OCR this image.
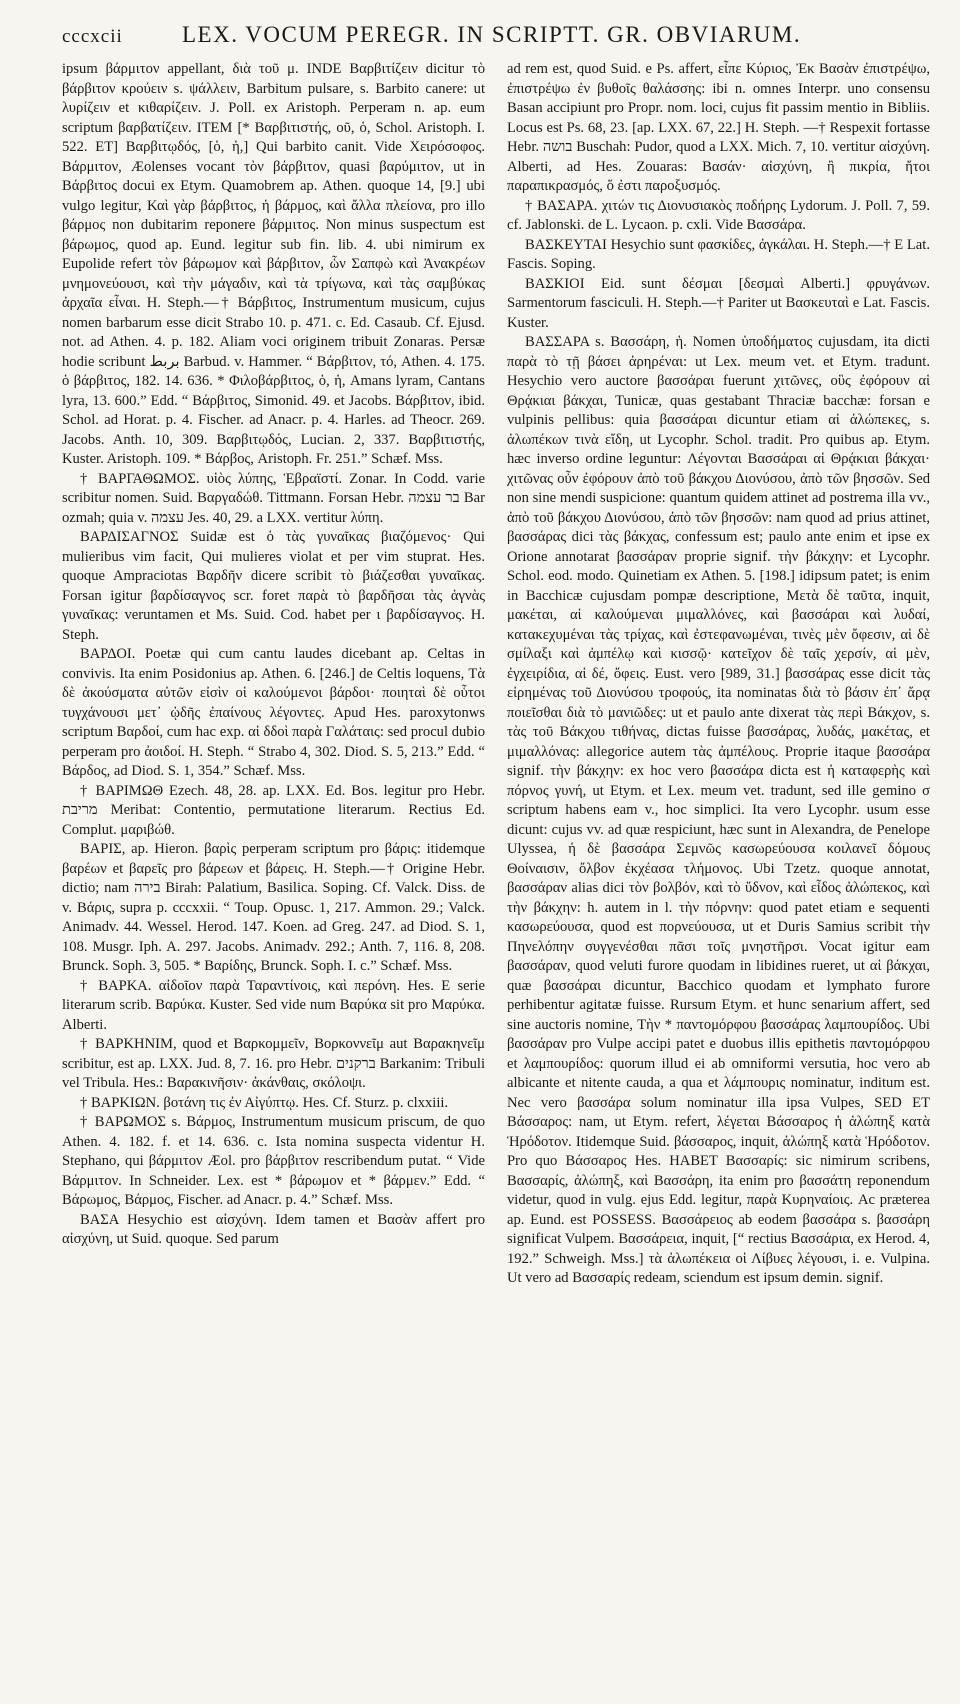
cccxcii	LEX. VOCUM PEREGR. IN SCRIPTT. GR. OBVIARUM.

ipsum βάρμιτον appellant, διὰ τοῦ μ. INDE Βαρβιτίζειν dicitur τὸ βάρβιτον κρούειν s. ψάλλειν, Barbitum pulsare, s. Barbito canere: ut λυρίζειν et κιθαρίζειν. J. Poll. ex Aristoph. Perperam n. ap. eum scriptum βαρβατίζειν. ITEM [* Βαρβιτιστής, οῦ, ὁ, Schol. Aristoph. I. 522. ET] Βαρβιτῳδός, [ὁ, ἡ,] Qui barbito canit. Vide Χειρόσοφος. Βάρμιτον, Æolenses vocant τὸν βάρβιτον, quasi βαρύμιτον, ut in Βάρβιτος docui ex Etym. Quamobrem ap. Athen. quoque 14, [9.] ubi vulgo legitur, Καὶ γὰρ βάρβιτος, ἡ βάρμος, καὶ ἄλλα πλείονα, pro illo βάρμος non dubitarim reponere βάρμιτος. Non minus suspectum est βάρωμος, quod ap. Eund. legitur sub fin. lib. 4. ubi nimirum ex Eupolide refert τὸν βάρωμον καὶ βάρβιτον, ὧν Σαπφὼ καὶ Ἀνακρέων μνημονεύουσι, καὶ τὴν μάγαδιν, καὶ τὰ τρίγωνα, καὶ τὰς σαμβύκας ἀρχαῖα εἶναι. H. Steph.—† Βάρβιτος, Instrumentum musicum, cujus nomen barbarum esse dicit Strabo 10. p. 471. c. Ed. Casaub. Cf. Ejusd. not. ad Athen. 4. p. 182. Aliam voci originem tribuit Zonaras. Persæ hodie scribunt بربط Barbud. v. Hammer. “ Βάρβιτον, τό, Athen. 4. 175. ὁ βάρβιτος, 182. 14. 636. * Φιλοβάρβιτος, ὁ, ἡ, Amans lyram, Cantans lyra, 13. 600.” Edd. “ Βάρβιτος, Simonid. 49. et Jacobs. Βάρβιτον, ibid. Schol. ad Horat. p. 4. Fischer. ad Anacr. p. 4. Harles. ad Theocr. 269. Jacobs. Anth. 10, 309. Βαρβιτῳδός, Lucian. 2, 337. Βαρβιτιστής, Kuster. Aristoph. 109. * Βάρβος, Aristoph. Fr. 251.” Schæf. Mss.

† ΒΑΡΓΑΘΩΜΟΣ. υἱὸς λύπης, Ἑβραϊστί. Zonar. In Codd. varie scribitur nomen. Suid. Βαργαδώθ. Tittmann. Forsan Hebr. בר עצמה Bar ozmah; quia v. עצמה Jes. 40, 29. a LXX. vertitur λύπη.

ΒΑΡΔΙΣΑΓΝΟΣ Suidæ est ὁ τὰς γυναῖκας βιαζόμενος· Qui mulieribus vim facit, Qui mulieres violat et per vim stuprat. Hes. quoque Ampraciotas Βαρδῆν dicere scribit τὸ βιάζεσθαι γυναῖκας. Forsan igitur βαρδίσαγνος scr. foret παρὰ τὸ βαρδῆσαι τὰς ἁγνὰς γυναῖκας: veruntamen et Ms. Suid. Cod. habet per ι βαρδίσαγνος. H. Steph.

ΒΑΡΔΟΙ. Poetæ qui cum cantu laudes dicebant ap. Celtas in convivis. Ita enim Posidonius ap. Athen. 6. [246.] de Celtis loquens, Τὰ δὲ ἀκούσματα αὐτῶν εἰσὶν οἱ καλούμενοι βάρδοι· ποιηταὶ δὲ οὗτοι τυγχάνουσι μετ᾽ ᾠδῆς ἐπαίνους λέγοντες. Apud Hes. paroxytonws scriptum Βαρδοί, cum hac exp. αἱ δδοὶ παρὰ Γαλάταις: sed procul dubio perperam pro ἀοιδοί. H. Steph. “ Strabo 4, 302. Diod. S. 5, 213.” Edd. “ Βάρδος, ad Diod. S. 1, 354.” Schæf. Mss.

† ΒΑΡΙΜΩΘ Ezech. 48, 28. ap. LXX. Ed. Bos. legitur pro Hebr. מריבת Meribat: Contentio, permutatione literarum. Rectius Ed. Complut. μαριβώθ.

ΒΑΡΙΣ, ap. Hieron. βαρὶς perperam scriptum pro βάρις: itidemque βαρέων et βαρεῖς pro βάρεων et βάρεις. H. Steph.—† Origine Hebr. dictio; nam בירה Birah: Palatium, Basilica. Soping. Cf. Valck. Diss. de v. Βάρις, supra p. cccxxii. “ Toup. Opusc. 1, 217. Ammon. 29.; Valck. Animadv. 44. Wessel. Herod. 147. Koen. ad Greg. 247. ad Diod. S. 1, 108. Musgr. Iph. A. 297. Jacobs. Animadv. 292.; Anth. 7, 116. 8, 208. Brunck. Soph. 3, 505. * Βαρίδης, Brunck. Soph. I. c.” Schæf. Mss.

† ΒΑΡΚΑ. αἰδοῖον παρὰ Ταραντίνοις, καὶ περόνη. Hes. E serie literarum scrib. Βαρύκα. Kuster. Sed vide num Βαρύκα sit pro Μαρύκα. Alberti.

† ΒΑΡΚΗΝΙΜ, quod et Βαρκομμεῖν, Βορκοννεῖμ aut Βαρακηνεῖμ scribitur, est ap. LXX. Jud. 8, 7. 16. pro Hebr. ברקנים Barkanim: Tribuli vel Tribula. Hes.: Βαρακινῆσιν· ἀκάνθαις, σκόλοψι.

† ΒΑΡΚΙΩΝ. βοτάνη τις ἐν Αἰγύπτῳ. Hes. Cf. Sturz. p. clxxiii.

† ΒΑΡΩΜΟΣ s. Βάρμος, Instrumentum musicum priscum, de quo Athen. 4. 182. f. et 14. 636. c. Ista nomina suspecta videntur H. Stephano, qui βάρμιτον Æol. pro βάρβιτον rescribendum putat. “ Vide Βάρμιτον. In Schneider. Lex. est * βάρωμον et * βάρμεν.” Edd. “ Βάρωμος, Βάρμος, Fischer. ad Anacr. p. 4.” Schæf. Mss.

ΒΑΣΑ Hesychio est αἰσχύνη. Idem tamen et Βασὰν affert pro αἰσχύνη, ut Suid. quoque. Sed parum

ad rem est, quod Suid. e Ps. affert, εἶπε Κύριος, Ἐκ Βασὰν ἐπιστρέψω, ἐπιστρέψω ἐν βυθοῖς θαλάσσης: ibi n. omnes Interpr. uno consensu Basan accipiunt pro Propr. nom. loci, cujus fit passim mentio in Bibliis. Locus est Ps. 68, 23. [ap. LXX. 67, 22.] H. Steph. —† Respexit fortasse Hebr. בושה Buschah: Pudor, quod a LXX. Mich. 7, 10. vertitur αἰσχύνη. Alberti, ad Hes. Zouaras: Βασάν· αἰσχύνη, ἢ πικρία, ἤτοι παραπικρασμός, ὅ ἐστι παροξυσμός.

† ΒΑΣΑΡΑ. χιτών τις Διονυσιακὸς ποδήρης Lydorum. J. Poll. 7, 59. cf. Jablonski. de L. Lycaon. p. cxli. Vide Βασσάρα.

ΒΑΣΚΕΥΤΑΙ Hesychio sunt φασκίδες, ἀγκάλαι. H. Steph.—† E Lat. Fascis. Soping.

ΒΑΣΚΙΟΙ Eid. sunt δέσμαι [δεσμαὶ Alberti.] φρυγάνων. Sarmentorum fasciculi. H. Steph.—† Pariter ut Βασκευταὶ e Lat. Fascis. Kuster.

ΒΑΣΣΑΡΑ s. Βασσάρη, ἡ. Nomen ὑποδήματος cujusdam, ita dicti παρὰ τὸ τῇ βάσει ἀρηρέναι: ut Lex. meum vet. et Etym. tradunt. Hesychio vero auctore βασσάραι fuerunt χιτῶνες, οὓς ἐφόρουν αἱ Θρᾴκιαι βάκχαι, Tunicæ, quas gestabant Thraciæ bacchæ: forsan e vulpinis pellibus: quia βασσάραι dicuntur etiam αἱ ἀλώπεκες, s. ἀλωπέκων τινὰ εἴδη, ut Lycophr. Schol. tradit. Pro quibus ap. Etym. hæc inverso ordine leguntur: Λέγονται Βασσάραι αἱ Θρᾴκιαι βάκχαι· χιτῶνας οὖν ἐφόρουν ἀπὸ τοῦ βάκχου Διονύσου, ἀπὸ τῶν βησσῶν. Sed non sine mendi suspicione: quantum quidem attinet ad postrema illa vv., ἀπὸ τοῦ βάκχου Διονύσου, ἀπὸ τῶν βησσῶν: nam quod ad prius attinet, βασσάρας dici τὰς βάκχας, confessum est; paulo ante enim et ipse ex Orione annotarat βασσάραν proprie signif. τὴν βάκχην: et Lycophr. Schol. eod. modo. Quinetiam ex Athen. 5. [198.] idipsum patet; is enim in Bacchicæ cujusdam pompæ descriptione, Μετὰ δὲ ταῦτα, inquit, μακέται, αἱ καλούμεναι μιμαλλόνες, καὶ βασσάραι καὶ λυδαί, κατακεχυμέναι τὰς τρίχας, καὶ ἐστεφανωμέναι, τινὲς μὲν ὄφεσιν, αἱ δὲ σμίλαξι καὶ ἀμπέλῳ καὶ κισσῷ· κατεῖχον δὲ ταῖς χερσίν, αἱ μὲν, ἐγχειρίδια, αἱ δέ, ὄφεις. Eust. vero [989, 31.] βασσάρας esse dicit τὰς εἰρημένας τοῦ Διονύσου τροφούς, ita nominatas διὰ τὸ βάσιν ἐπ᾽ ἄρᾳ ποιεῖσθαι διὰ τὸ μανιῶδες: ut et paulo ante dixerat τὰς περὶ Βάκχον, s. τὰς τοῦ Βάκχου τιθήνας, dictas fuisse βασσάρας, λυδάς, μακέτας, et μιμαλλόνας: allegorice autem τὰς ἀμπέλους. Proprie itaque βασσάρα signif. τὴν βάκχην: ex hoc vero βασσάρα dicta est ἡ καταφερὴς καὶ πόρνος γυνή, ut Etym. et Lex. meum vet. tradunt, sed ille gemino σ scriptum habens eam v., hoc simplici. Ita vero Lycophr. usum esse dicunt: cujus vv. ad quæ respiciunt, hæc sunt in Alexandra, de Penelope Ulyssea, ἡ δὲ βασσάρα Σεμνῶς κασωρεύουσα κοιλανεῖ δόμους Θοίναισιν, ὄλβον ἐκχέασα τλήμονος. Ubi Tzetz. quoque annotat, βασσάραν alias dici τὸν βολβόν, καὶ τὸ ὕδνον, καὶ εἶδος ἀλώπεκος, καὶ τὴν βάκχην: h. autem in l. τὴν πόρνην: quod patet etiam e sequenti κασωρεύουσα, quod est πορνεύουσα, ut et Duris Samius scribit τὴν Πηνελόπην συγγενέσθαι πᾶσι τοῖς μνηστῆρσι. Vocat igitur eam βασσάραν, quod veluti furore quodam in libidines rueret, ut αἱ βάκχαι, quæ βασσάραι dicuntur, Bacchico quodam et lymphato furore perhibentur agitatæ fuisse. Rursum Etym. et hunc senarium affert, sed sine auctoris nomine, Τὴν * παντομόρφου βασσάρας λαμπουρίδος. Ubi βασσάραν pro Vulpe accipi patet e duobus illis epithetis παντομόρφου et λαμπουρίδος: quorum illud ei ab omniformi versutia, hoc vero ab albicante et nitente cauda, a qua et λάμπουρις nominatur, inditum est. Nec vero βασσάρα solum nominatur illa ipsa Vulpes, SED ET Βάσσαρος: nam, ut Etym. refert, λέγεται Βάσσαρος ἡ ἀλώπηξ κατὰ Ἡρόδοτον. Itidemque Suid. βάσσαρος, inquit, ἀλώπηξ κατὰ Ἡρόδοτον. Pro quo Βάσσαρος Hes. HABET Βασσαρίς: sic nimirum scribens, Βασσαρίς, ἀλώπηξ, καὶ Βασσάρη, ita enim pro βασσάτη reponendum videtur, quod in vulg. ejus Edd. legitur, παρὰ Κυρηναίοις. Ac præterea ap. Eund. est POSSESS. Βασσάρειος ab eodem βασσάρα s. βασσάρη significat Vulpem. Βασσάρεια, inquit, [“ rectius Βασσάρια, ex Herod. 4, 192.” Schweigh. Mss.] τὰ ἀλωπέκεια οἱ Λίβυες λέγουσι, i. e. Vulpina. Ut vero ad Βασσαρίς redeam, sciendum est ipsum demin. signif.
